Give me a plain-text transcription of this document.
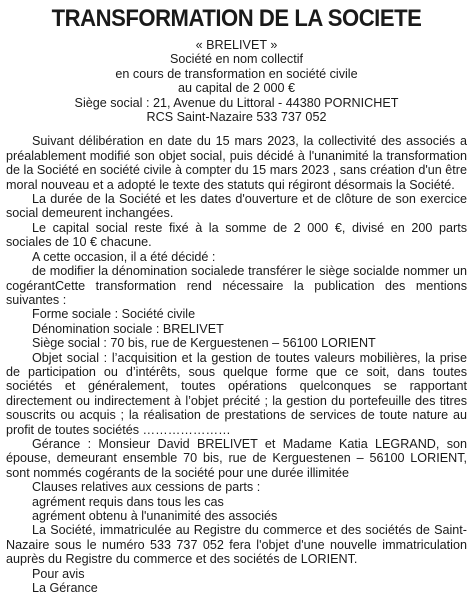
TRANSFORMATION DE LA SOCIETE
« BRELIVET »
Société en nom collectif
en cours de transformation en société civile
au capital de 2 000 €
Siège social : 21, Avenue du Littoral - 44380 PORNICHET
RCS Saint-Nazaire 533 737 052

Suivant délibération en date du 15 mars 2023, la collectivité des associés a préalablement modifié son objet social, puis décidé à l'unanimité la transformation de la Société en société civile à compter du 15 mars 2023 , sans création d'un être moral nouveau et a adopté le texte des statuts qui régiront désormais la Société.

La durée de la Société et les dates d'ouverture et de clôture de son exercice social demeurent inchangées.

Le capital social reste fixé à la somme de 2 000 €, divisé en 200 parts sociales de 10 € chacune.

A cette occasion, il a été décidé :

de modifier la dénomination socialede transférer le siège socialde nommer un cogérantCette transformation rend nécessaire la publication des mentions suivantes :

Forme sociale : Société civile

Dénomination sociale : BRELIVET

Siège social : 70 bis, rue de Kerguestenen – 56100 LORIENT

Objet social : l’acquisition et la gestion de toutes valeurs mobilières, la prise de participation ou d’intérêts, sous quelque forme que ce soit, dans toutes sociétés et généralement, toutes opérations quelconques se rapportant directement ou indirectement à l’objet précité ; la gestion du portefeuille des titres souscrits ou acquis ; la réalisation de prestations de services de toute nature au profit de toutes sociétés …………………

Gérance : Monsieur David BRELIVET et Madame Katia LEGRAND, son épouse, demeurant ensemble 70 bis, rue de Kerguestenen – 56100 LORIENT, sont nommés cogérants de la société pour une durée illimitée

Clauses relatives aux cessions de parts :

agrément requis dans tous les cas

agrément obtenu à l'unanimité des associés

La Société, immatriculée au Registre du commerce et des sociétés de Saint-Nazaire sous le numéro 533 737 052 fera l'objet d'une nouvelle immatriculation auprès du Registre du commerce et des sociétés de LORIENT.

Pour avis

La Gérance
